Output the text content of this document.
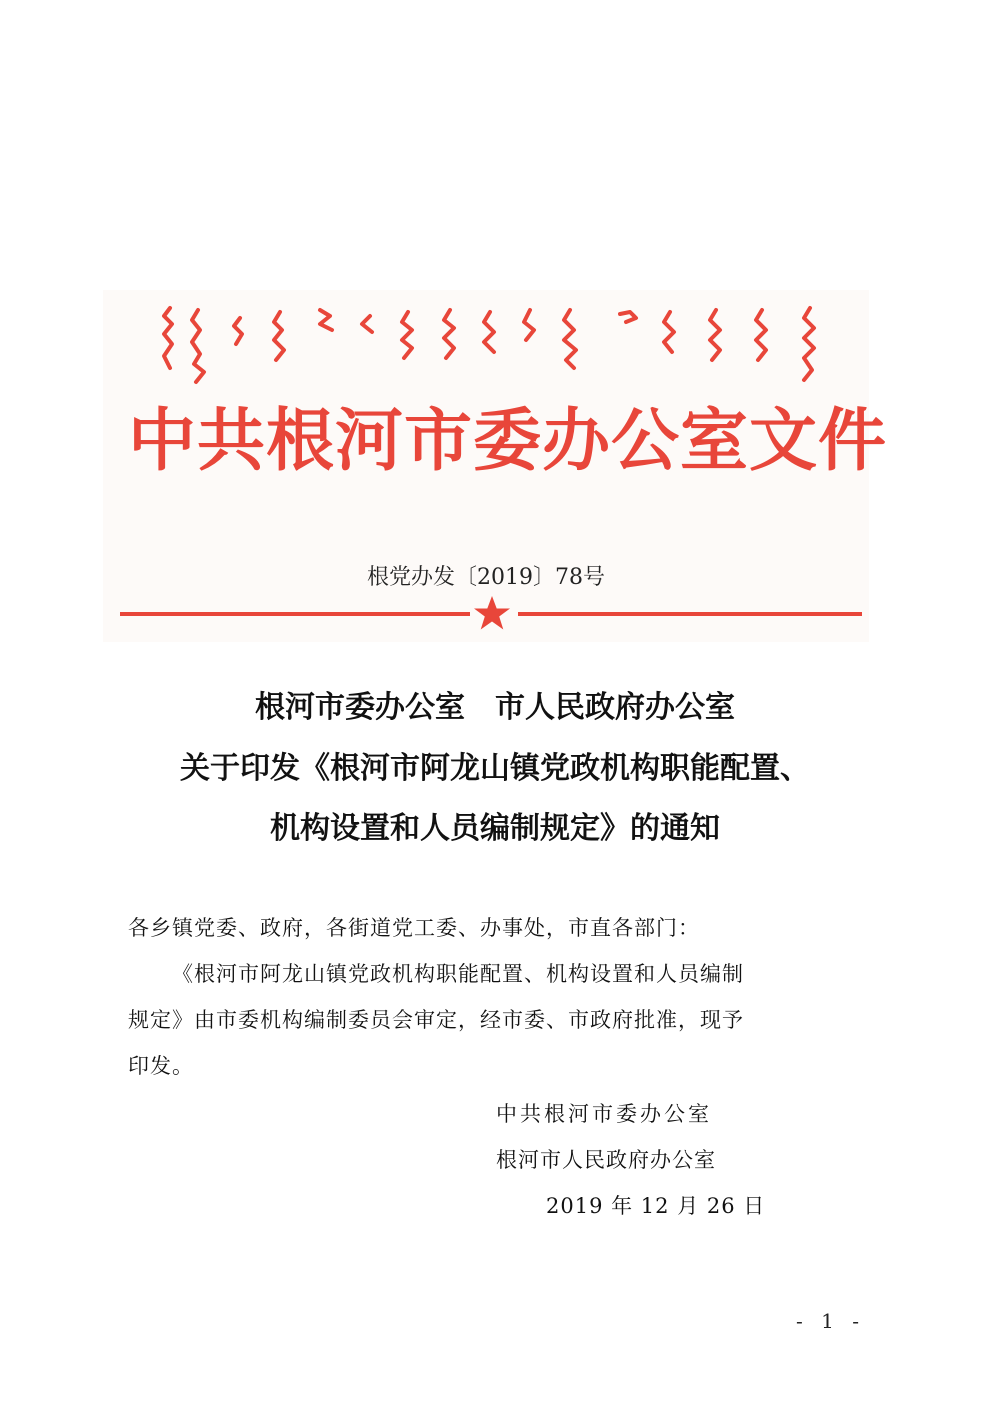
中共根河市委办公室文件
根党办发〔2019〕78号
根河市委办公室　市人民政府办公室
关于印发《根河市阿龙山镇党政机构职能配置、
机构设置和人员编制规定》的通知
各乡镇党委、政府，各街道党工委、办事处，市直各部门：
《根河市阿龙山镇党政机构职能配置、机构设置和人员编制
规定》由市委机构编制委员会审定，经市委、市政府批准，现予
印发。
中共根河市委办公室
根河市人民政府办公室
2019 年 12 月 26 日
- 1 -
